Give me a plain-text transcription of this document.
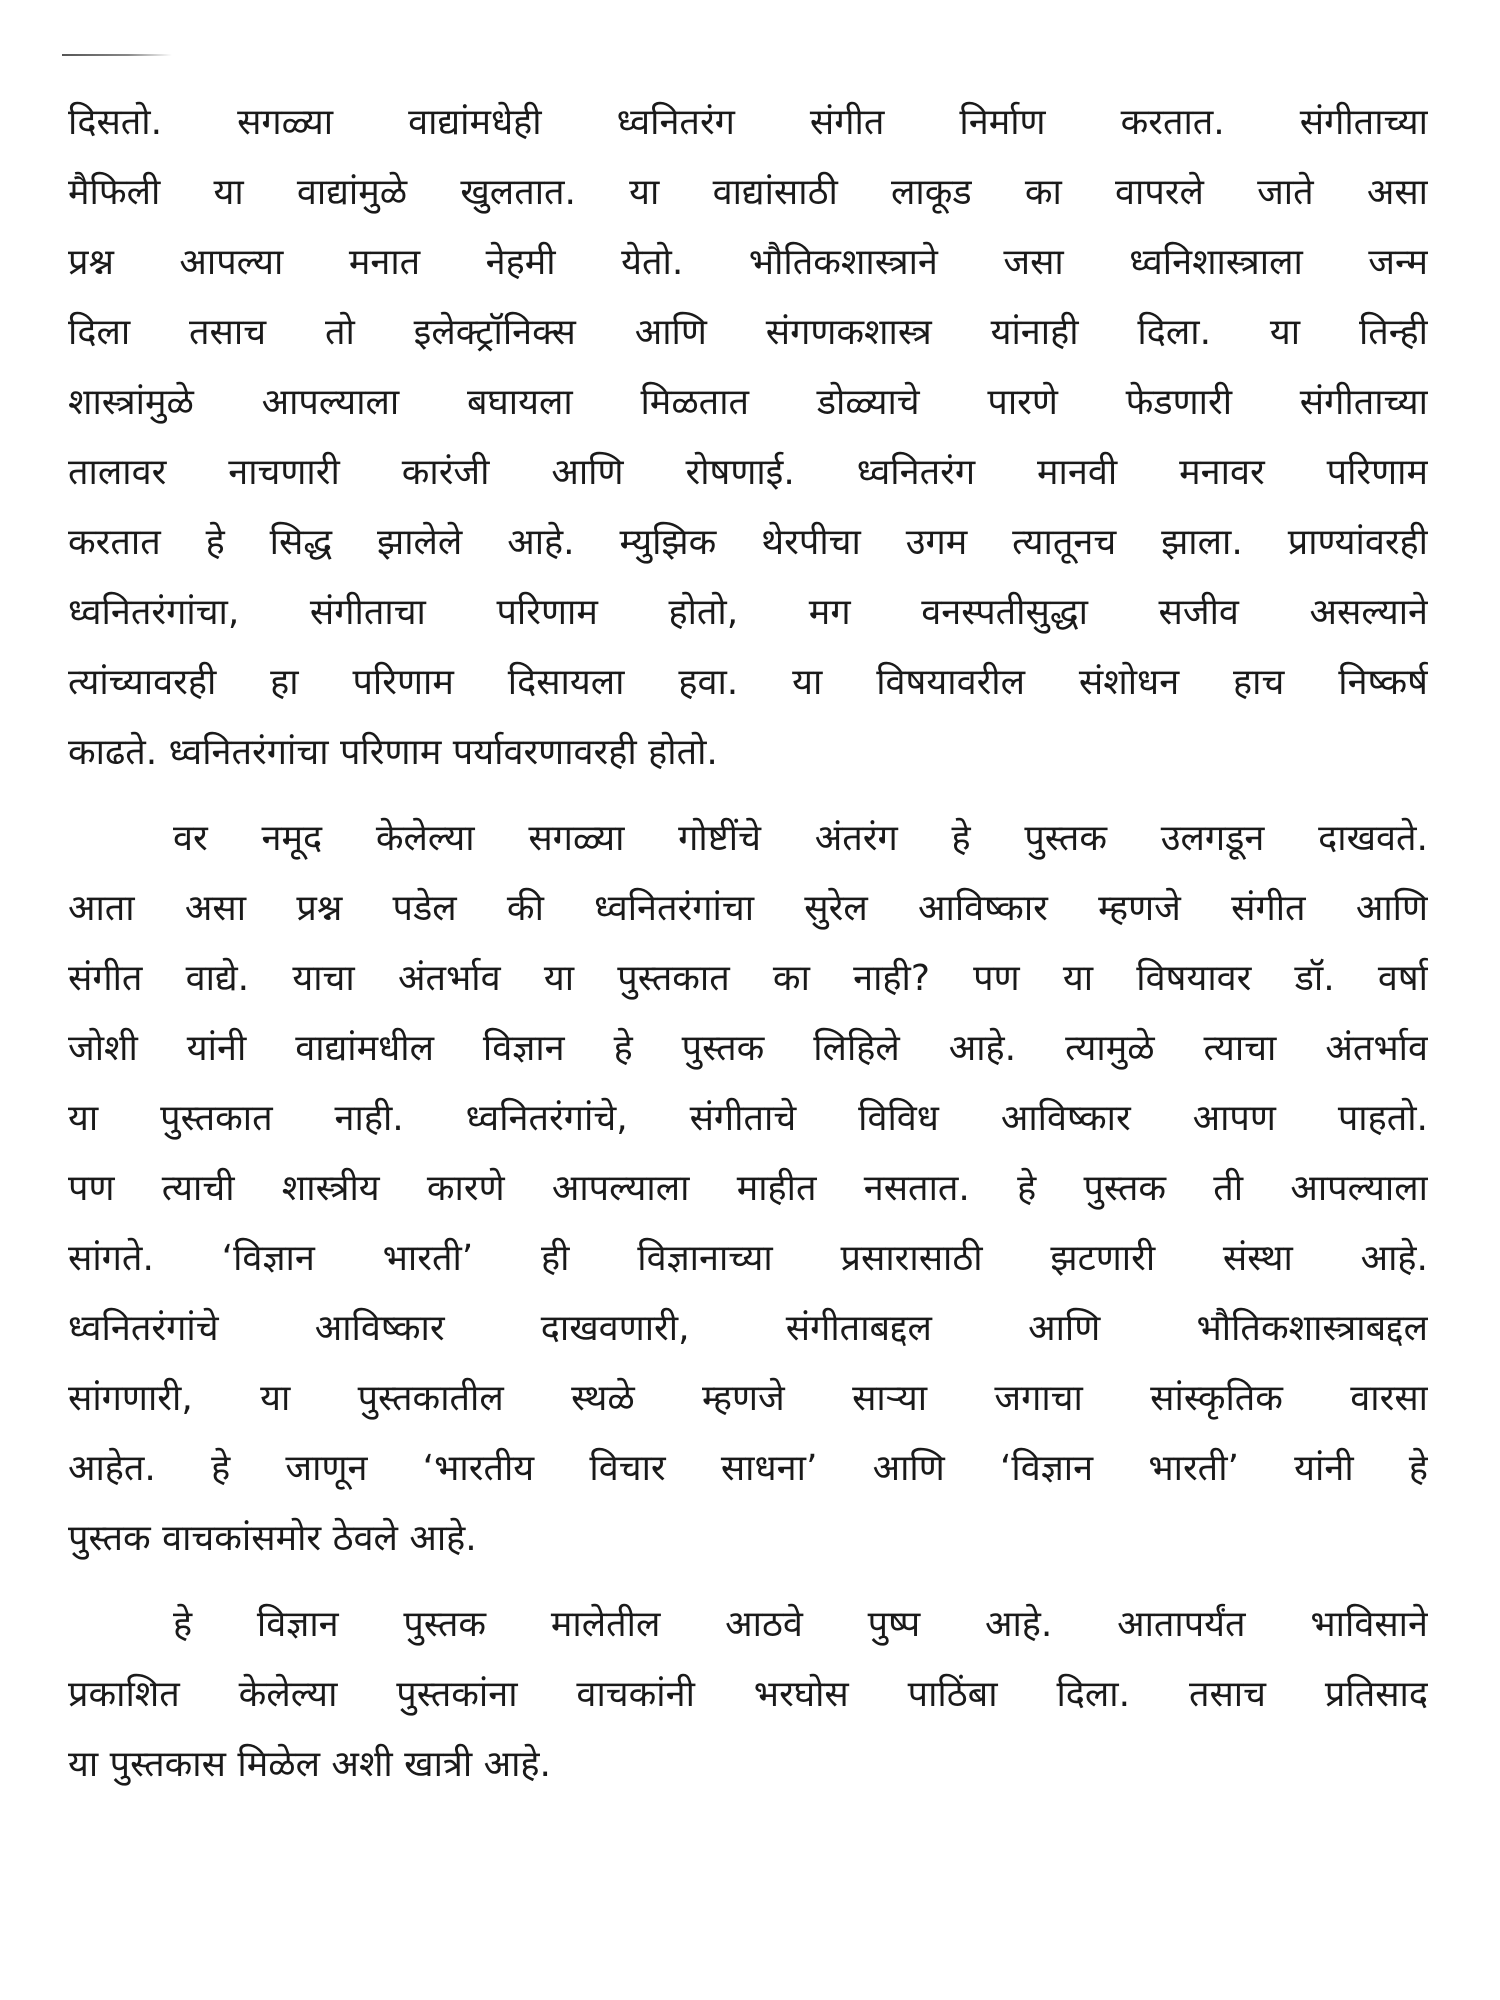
दिसतो. सगळ्या वाद्यांमधेही ध्वनितरंग संगीत निर्माण करतात. संगीताच्या
मैफिली या वाद्यांमुळे खुलतात. या वाद्यांसाठी लाकूड का वापरले जाते असा
प्रश्न आपल्या मनात नेहमी येतो. भौतिकशास्त्राने जसा ध्वनिशास्त्राला जन्म
दिला तसाच तो इलेक्ट्रॉनिक्स आणि संगणकशास्त्र यांनाही दिला. या तिन्ही
शास्त्रांमुळे आपल्याला बघायला मिळतात डोळ्याचे पारणे फेडणारी संगीताच्या
तालावर नाचणारी कारंजी आणि रोषणाई. ध्वनितरंग मानवी मनावर परिणाम
करतात हे सिद्ध झालेले आहे. म्युझिक थेरपीचा उगम त्यातूनच झाला. प्राण्यांवरही
ध्वनितरंगांचा, संगीताचा परिणाम होतो, मग वनस्पतीसुद्धा सजीव असल्याने
त्यांच्यावरही हा परिणाम दिसायला हवा. या विषयावरील संशोधन हाच निष्कर्ष
काढते. ध्वनितरंगांचा परिणाम पर्यावरणावरही होतो.

वर नमूद केलेल्या सगळ्या गोष्टींचे अंतरंग हे पुस्तक उलगडून दाखवते.
आता असा प्रश्न पडेल की ध्वनितरंगांचा सुरेल आविष्कार म्हणजे संगीत आणि
संगीत वाद्ये. याचा अंतर्भाव या पुस्तकात का नाही? पण या विषयावर डॉ. वर्षा
जोशी यांनी वाद्यांमधील विज्ञान हे पुस्तक लिहिले आहे. त्यामुळे त्याचा अंतर्भाव
या पुस्तकात नाही. ध्वनितरंगांचे, संगीताचे विविध आविष्कार आपण पाहतो.
पण त्याची शास्त्रीय कारणे आपल्याला माहीत नसतात. हे पुस्तक ती आपल्याला
सांगते. ‘विज्ञान भारती’ ही विज्ञानाच्या प्रसारासाठी झटणारी संस्था आहे.
ध्वनितरंगांचे आविष्कार दाखवणारी, संगीताबद्दल आणि भौतिकशास्त्राबद्दल
सांगणारी, या पुस्तकातील स्थळे म्हणजे साऱ्या जगाचा सांस्कृतिक वारसा
आहेत. हे जाणून ‘भारतीय विचार साधना’ आणि ‘विज्ञान भारती’ यांनी हे
पुस्तक वाचकांसमोर ठेवले आहे.

हे विज्ञान पुस्तक मालेतील आठवे पुष्प आहे. आतापर्यंत भाविसाने
प्रकाशित केलेल्या पुस्तकांना वाचकांनी भरघोस पाठिंबा दिला. तसाच प्रतिसाद
या पुस्तकास मिळेल अशी खात्री आहे.
